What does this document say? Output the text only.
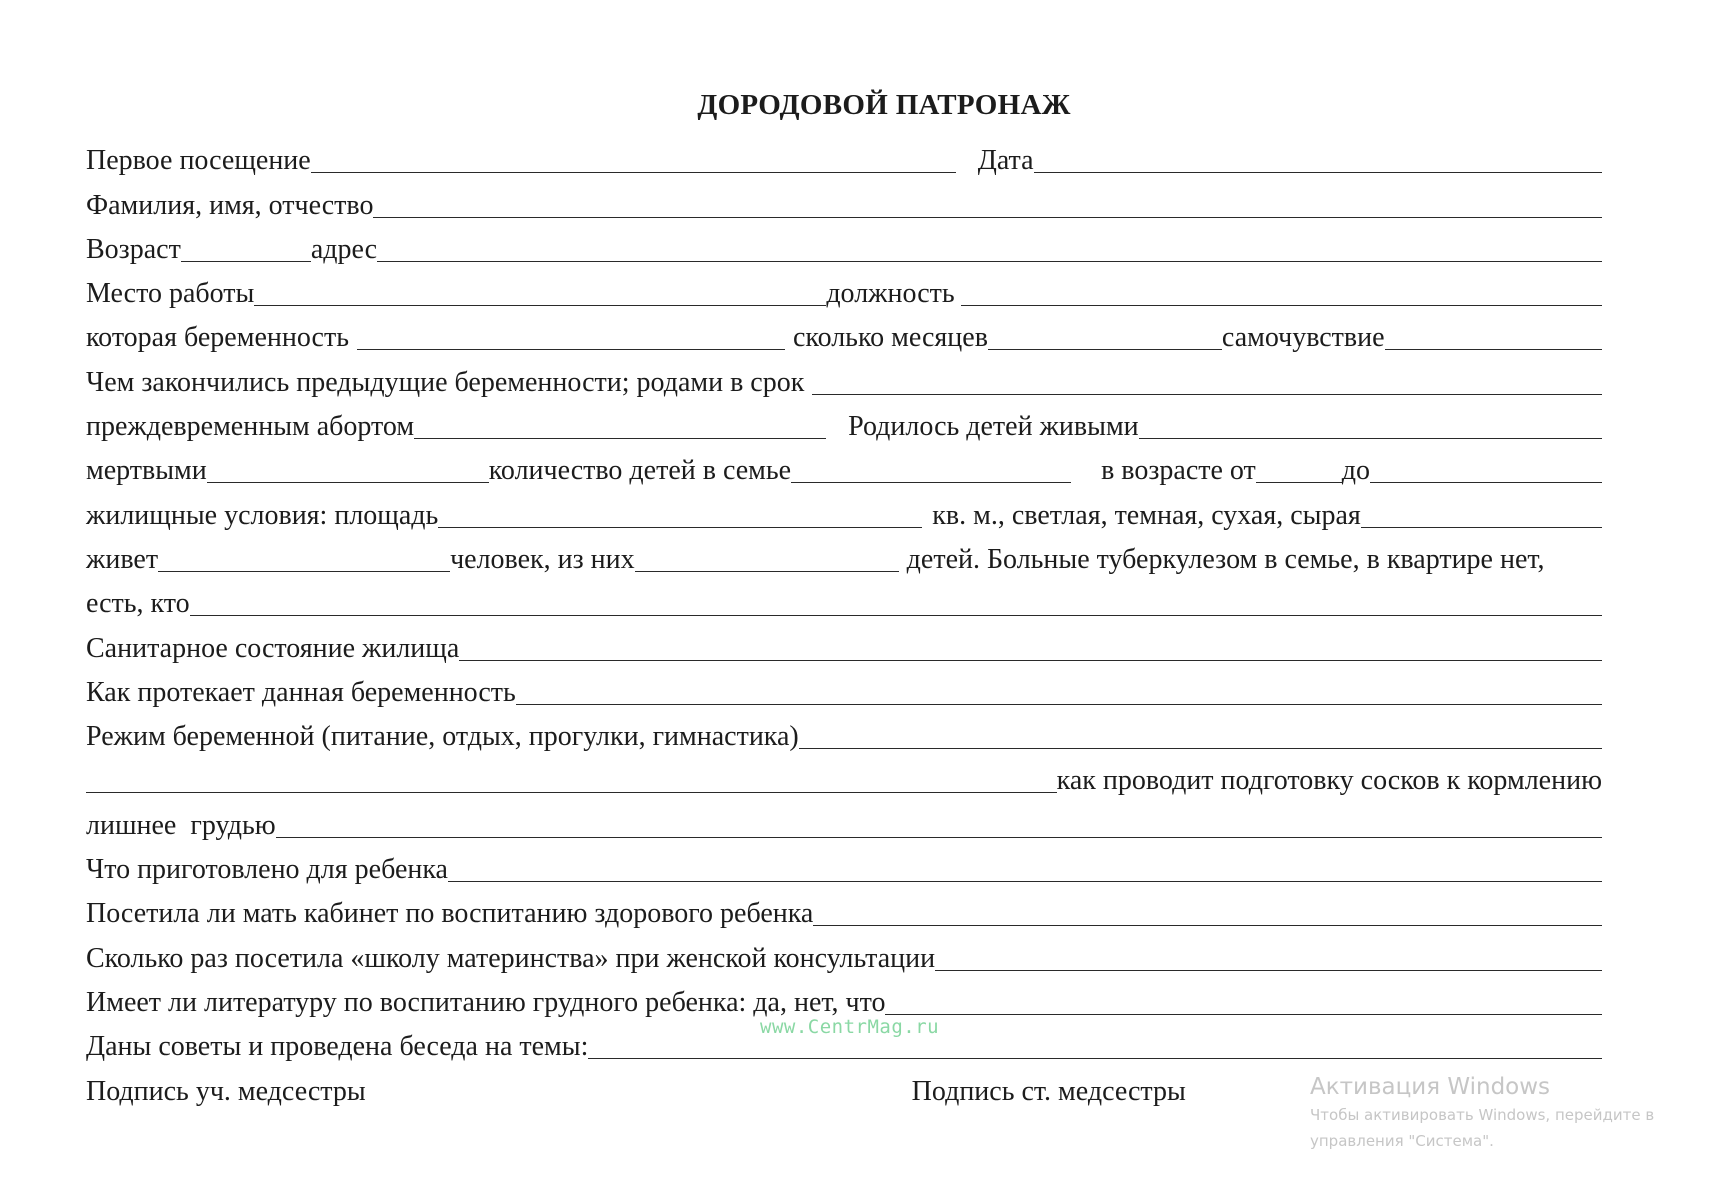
ДОРОДОВОЙ ПАТРОНАЖ
Первое посещение	Дата
Фамилия, имя, отчество
Возраст	адрес
Место работы	должность
которая беременность	сколько месяцев	самочувствие
Чем закончились предыдущие беременности; родами в срок
преждевременным абортом	Родилось детей живыми
мертвыми	количество детей в семье	в возрасте от	до
жилищные условия: площадь	кв. м., светлая, темная, сухая, сырая
живет	человек, из них	детей. Больные туберкулезом в семье, в квартире нет,
есть, кто
Санитарное состояние жилища
Как протекает данная беременность
Режим беременной (питание, отдых, прогулки, гимнастика)
как проводит подготовку сосков к кормлению
лишнее  грудью
Что приготовлено для ребенка
Посетила ли мать кабинет по воспитанию здорового ребенка
Сколько раз посетила «школу материнства» при женской консультации
Имеет ли литературу по воспитанию грудного ребенка: да, нет, что
Даны советы и проведена беседа на темы:
Подпись уч. медсестры	Подпись ст. медсестры
www.CentrMag.ru
Активация Windows
Чтобы активировать Windows, перейдите в
управления "Система".
